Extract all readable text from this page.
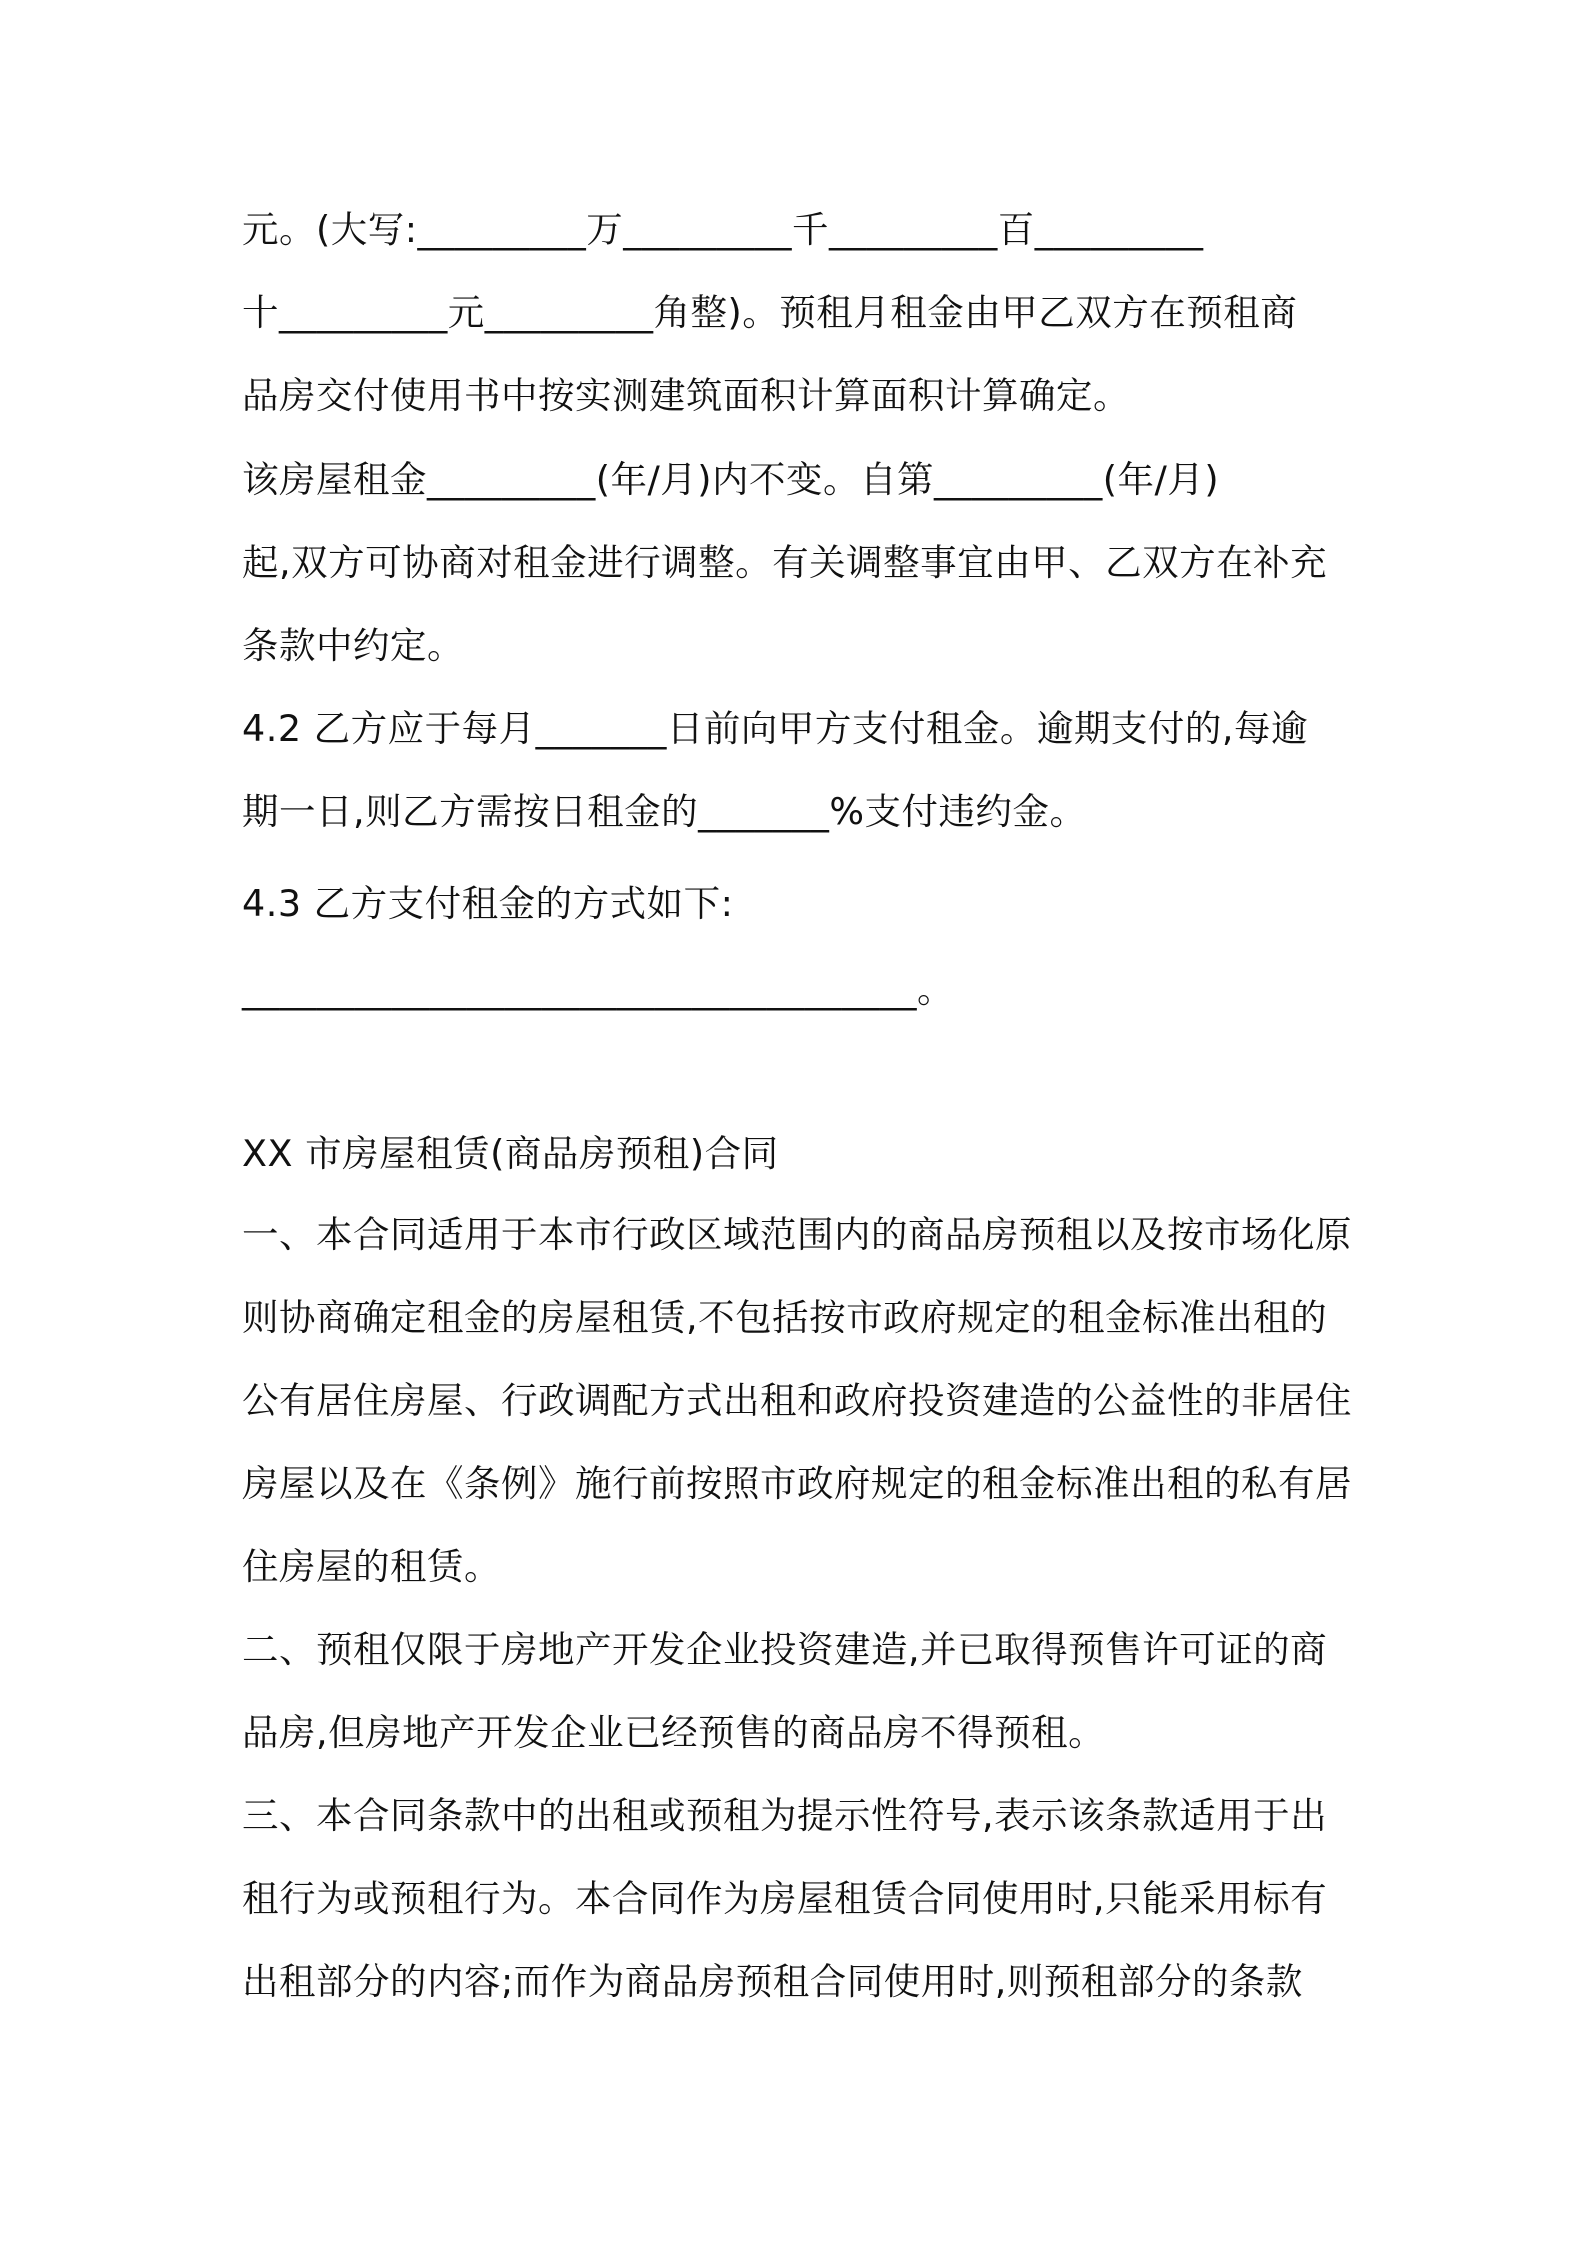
元。(大写:_________万_________千_________百_________
十_________元_________角整)。预租月租金由甲乙双方在预租商
品房交付使用书中按实测建筑面积计算面积计算确定。
该房屋租金_________(年/月)内不变。自第_________(年/月)
起,双方可协商对租金进行调整。有关调整事宜由甲、乙双方在补充
条款中约定。
4.2 乙方应于每月_______日前向甲方支付租金。逾期支付的,每逾
期一日,则乙方需按日租金的_______%支付违约金。
4.3 乙方支付租金的方式如下:
____________________________________。
XX 市房屋租赁(商品房预租)合同
一、本合同适用于本市行政区域范围内的商品房预租以及按市场化原
则协商确定租金的房屋租赁,不包括按市政府规定的租金标准出租的
公有居住房屋、行政调配方式出租和政府投资建造的公益性的非居住
房屋以及在《条例》施行前按照市政府规定的租金标准出租的私有居
住房屋的租赁。
二、预租仅限于房地产开发企业投资建造,并已取得预售许可证的商
品房,但房地产开发企业已经预售的商品房不得预租。
三、本合同条款中的出租或预租为提示性符号,表示该条款适用于出
租行为或预租行为。本合同作为房屋租赁合同使用时,只能采用标有
出租部分的内容;而作为商品房预租合同使用时,则预租部分的条款
